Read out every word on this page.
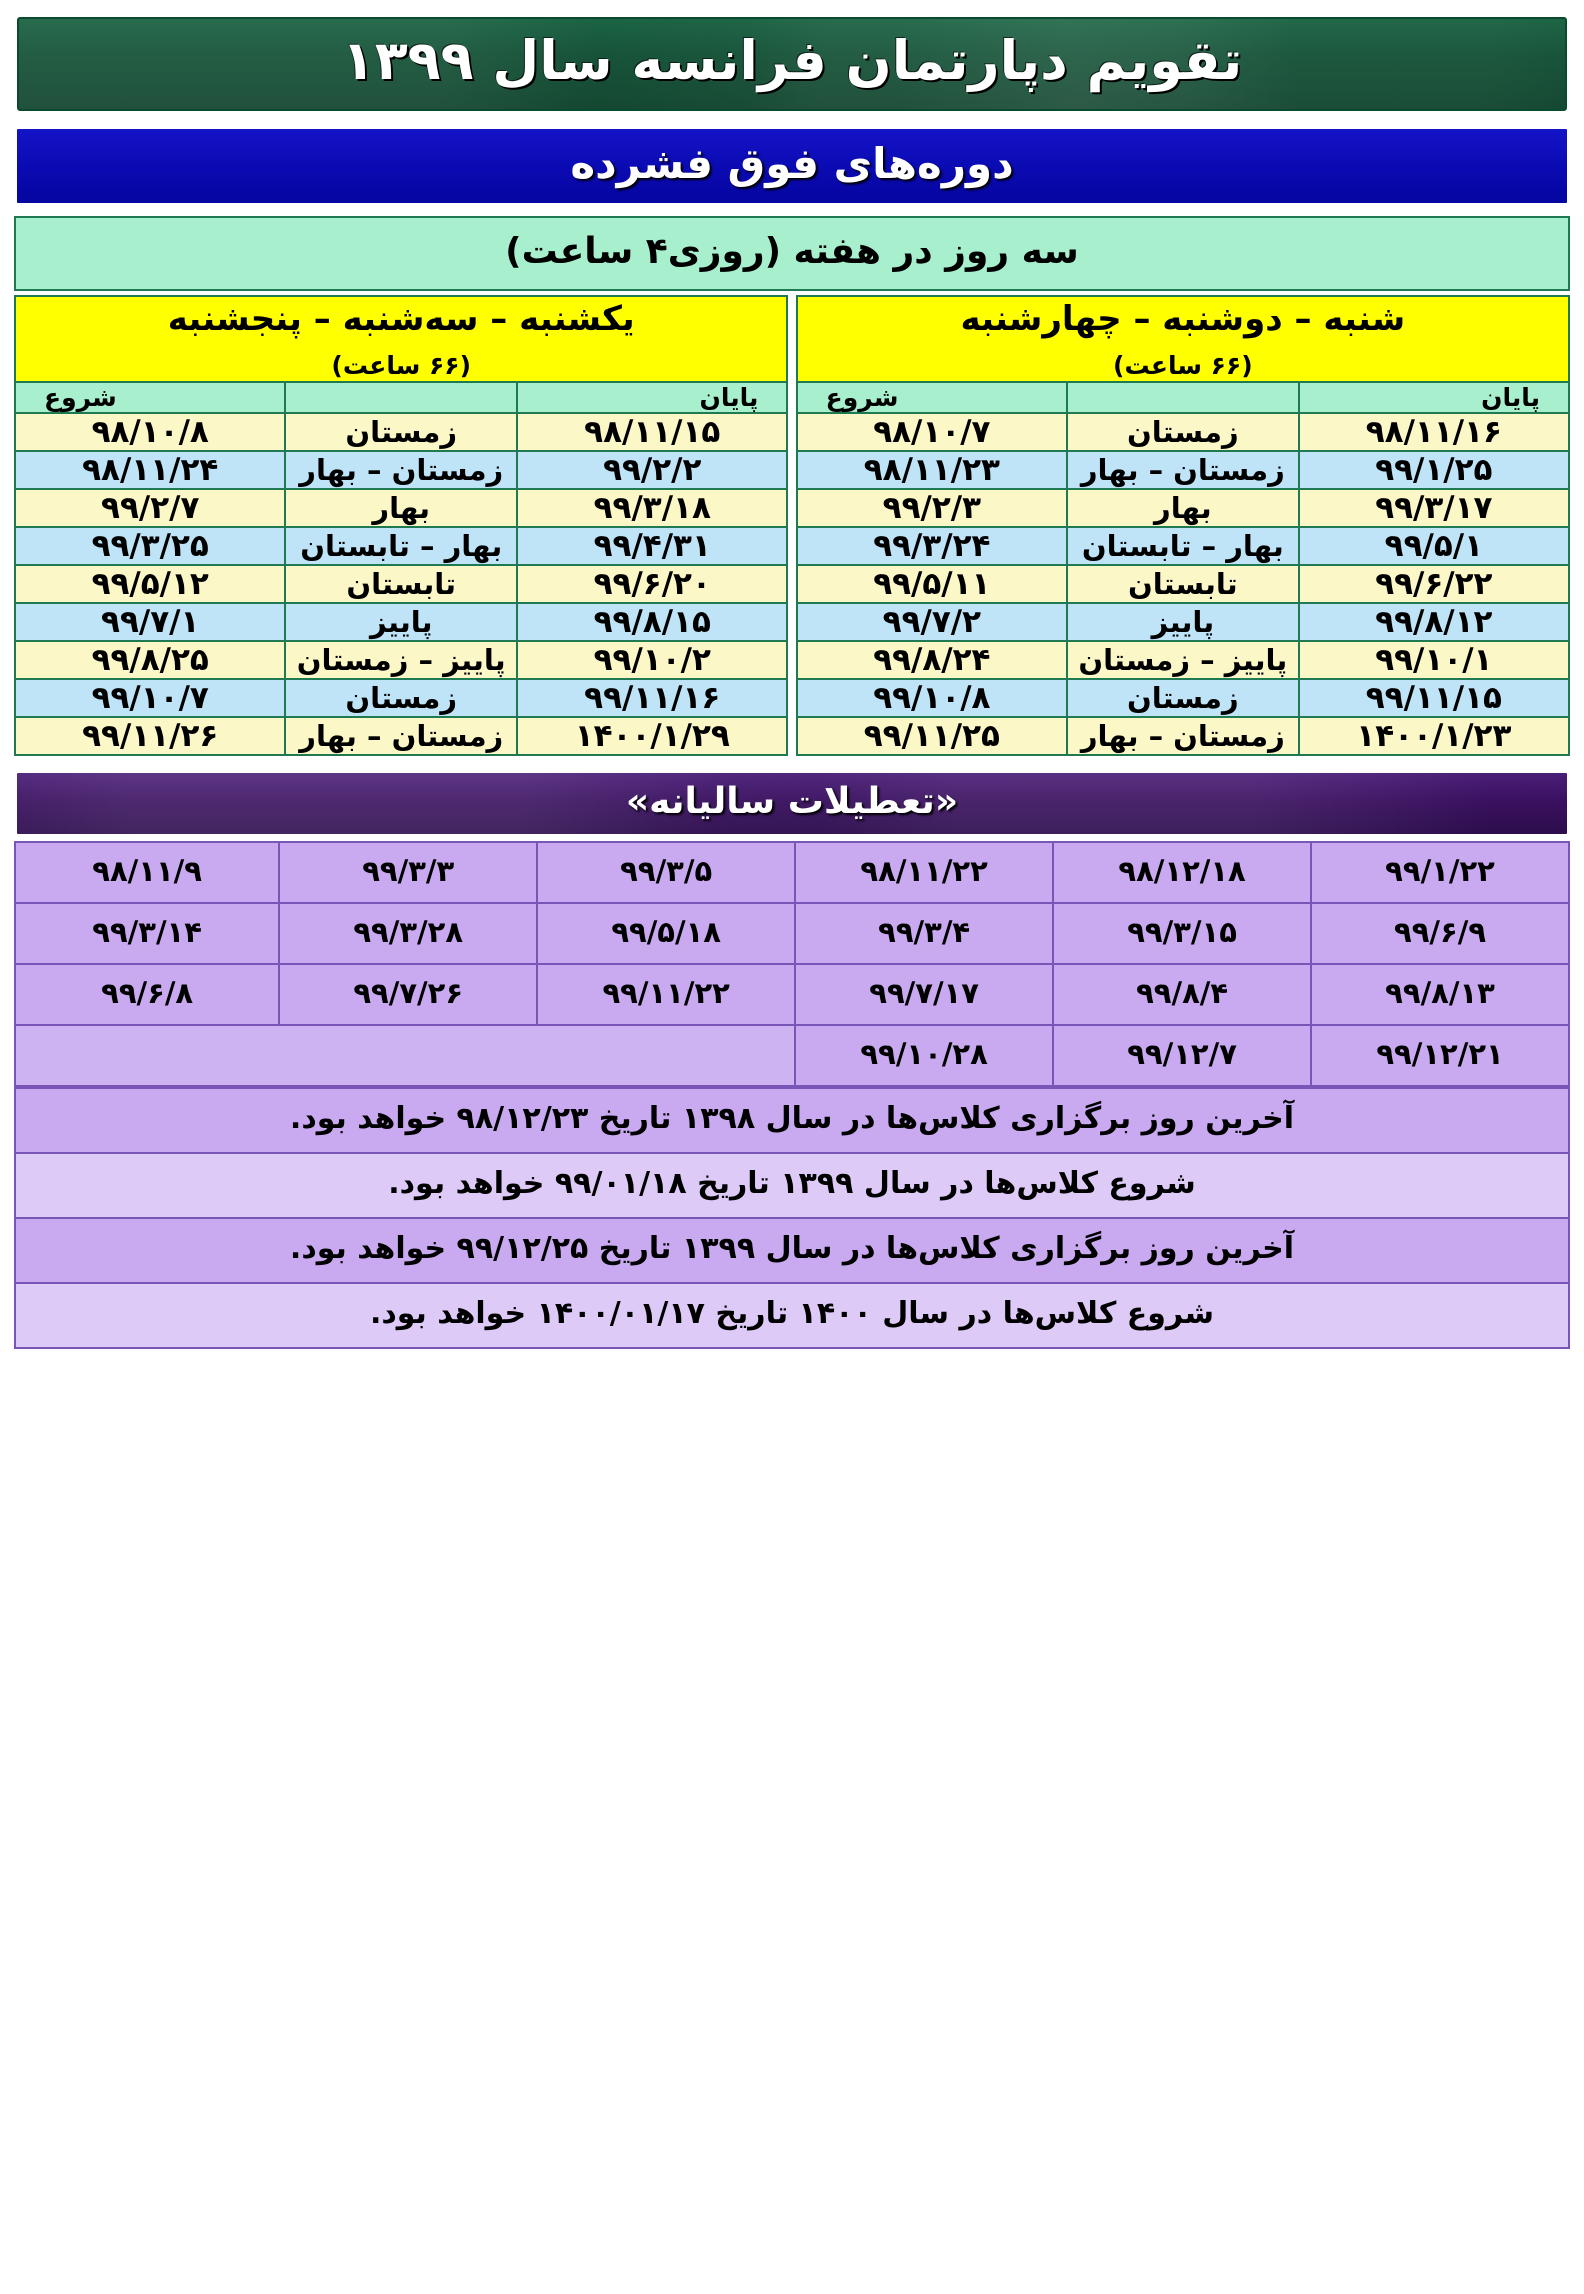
تقویم دپارتمان فرانسه سال ۱۳۹۹
دوره‌های فوق فشرده
سه روز در هفته (روزی۴ ساعت)
شنبه – دوشنبه – چهارشنبه
(۶۶ ساعت)				یکشنبه – سه‌شنبه – پنجشنبه
(۶۶ ساعت)		

پایان		شروع		پایان		شروع
۹۸/۱۱/۱۶	زمستان	۹۸/۱۰/۷		۹۸/۱۱/۱۵	زمستان	۹۸/۱۰/۸
۹۹/۱/۲۵	زمستان – بهار	۹۸/۱۱/۲۳		۹۹/۲/۲	زمستان – بهار	۹۸/۱۱/۲۴
۹۹/۳/۱۷	بهار	۹۹/۲/۳		۹۹/۳/۱۸	بهار	۹۹/۲/۷
۹۹/۵/۱	بهار – تابستان	۹۹/۳/۲۴		۹۹/۴/۳۱	بهار – تابستان	۹۹/۳/۲۵
۹۹/۶/۲۲	تابستان	۹۹/۵/۱۱		۹۹/۶/۲۰	تابستان	۹۹/۵/۱۲
۹۹/۸/۱۲	پاییز	۹۹/۷/۲		۹۹/۸/۱۵	پاییز	۹۹/۷/۱
۹۹/۱۰/۱	پاییز – زمستان	۹۹/۸/۲۴		۹۹/۱۰/۲	پاییز – زمستان	۹۹/۸/۲۵
۹۹/۱۱/۱۵	زمستان	۹۹/۱۰/۸		۹۹/۱۱/۱۶	زمستان	۹۹/۱۰/۷
۱۴۰۰/۱/۲۳	زمستان – بهار	۹۹/۱۱/۲۵		۱۴۰۰/۱/۲۹	زمستان – بهار	۹۹/۱۱/۲۶
«تعطیلات سالیانه»
۹۹/۱/۲۲	۹۸/۱۲/۱۸	۹۸/۱۱/۲۲	۹۹/۳/۵	۹۹/۳/۳	۹۸/۱۱/۹
۹۹/۶/۹	۹۹/۳/۱۵	۹۹/۳/۴	۹۹/۵/۱۸	۹۹/۳/۲۸	۹۹/۳/۱۴
۹۹/۸/۱۳	۹۹/۸/۴	۹۹/۷/۱۷	۹۹/۱۱/۲۲	۹۹/۷/۲۶	۹۹/۶/۸
۹۹/۱۲/۲۱	۹۹/۱۲/۷	۹۹/۱۰/۲۸			
آخرین روز برگزاری کلاس‌ها در سال ۱۳۹۸ تاریخ ۹۸/۱۲/۲۳ خواهد بود.
شروع کلاس‌ها در سال ۱۳۹۹ تاریخ ۹۹/۰۱/۱۸ خواهد بود.
آخرین روز برگزاری کلاس‌ها در سال ۱۳۹۹ تاریخ ۹۹/۱۲/۲۵ خواهد بود.
شروع کلاس‌ها در سال ۱۴۰۰ تاریخ ۱۴۰۰/۰۱/۱۷ خواهد بود.
